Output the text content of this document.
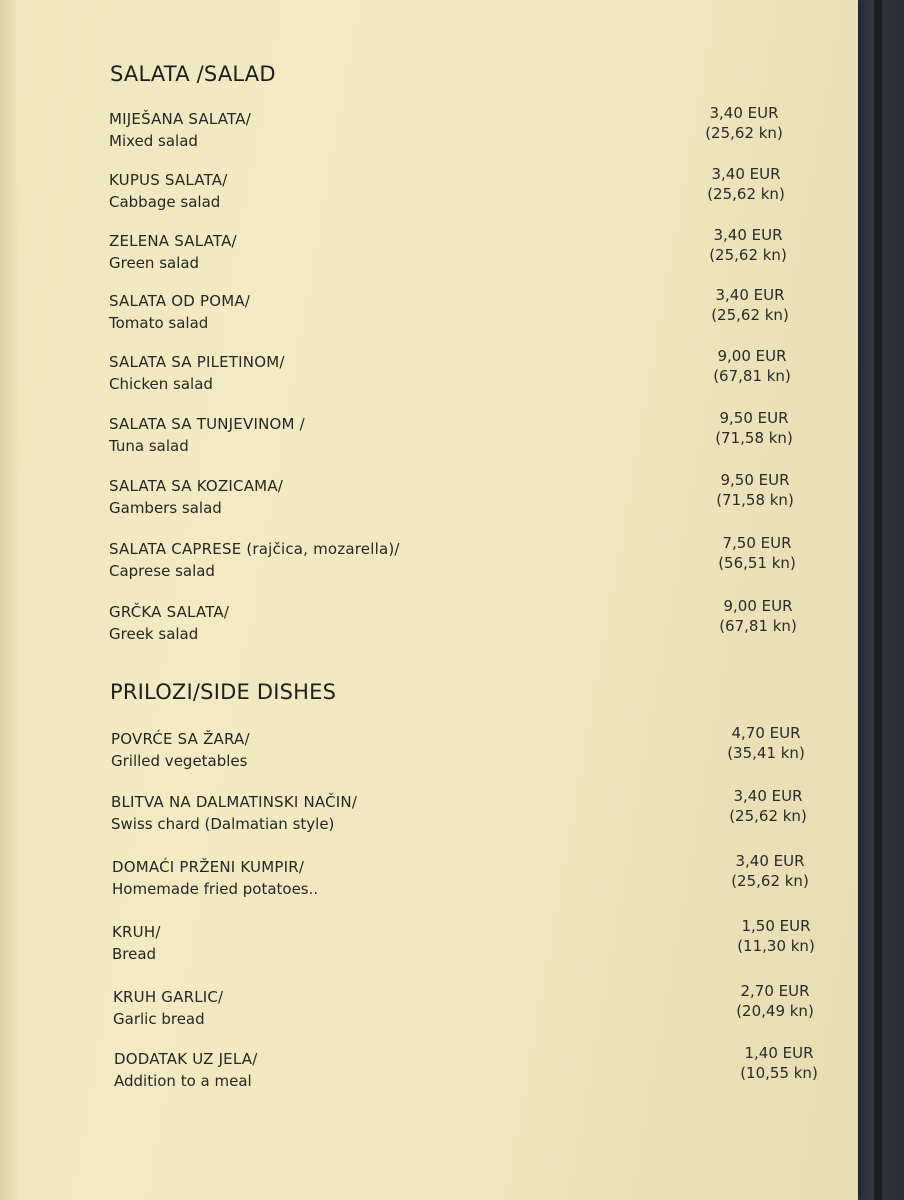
SALATA /SALAD
MIJEŠANA SALATA/
Mixed salad
3,40 EUR
(25,62 kn)
KUPUS SALATA/
Cabbage salad
3,40 EUR
(25,62 kn)
ZELENA SALATA/
Green salad
3,40 EUR
(25,62 kn)
SALATA OD POMA/
Tomato salad
3,40 EUR
(25,62 kn)
SALATA SA PILETINOM/
Chicken salad
9,00 EUR
(67,81 kn)
SALATA SA TUNJEVINOM /
Tuna salad
9,50 EUR
(71,58 kn)
SALATA SA KOZICAMA/
Gambers salad
9,50 EUR
(71,58 kn)
SALATA CAPRESE (rajčica, mozarella)/
Caprese salad
7,50 EUR
(56,51 kn)
GRČKA SALATA/
Greek salad
9,00 EUR
(67,81 kn)
PRILOZI/SIDE DISHES
POVRĆE SA ŽARA/
Grilled vegetables
4,70 EUR
(35,41 kn)
BLITVA NA DALMATINSKI NAČIN/
Swiss chard (Dalmatian style)
3,40 EUR
(25,62 kn)
DOMAĆI PRŽENI KUMPIR/
Homemade fried potatoes..
3,40 EUR
(25,62 kn)
KRUH/
Bread
1,50 EUR
(11,30 kn)
KRUH GARLIC/
Garlic bread
2,70 EUR
(20,49 kn)
DODATAK UZ JELA/
Addition to a meal
1,40 EUR
(10,55 kn)
